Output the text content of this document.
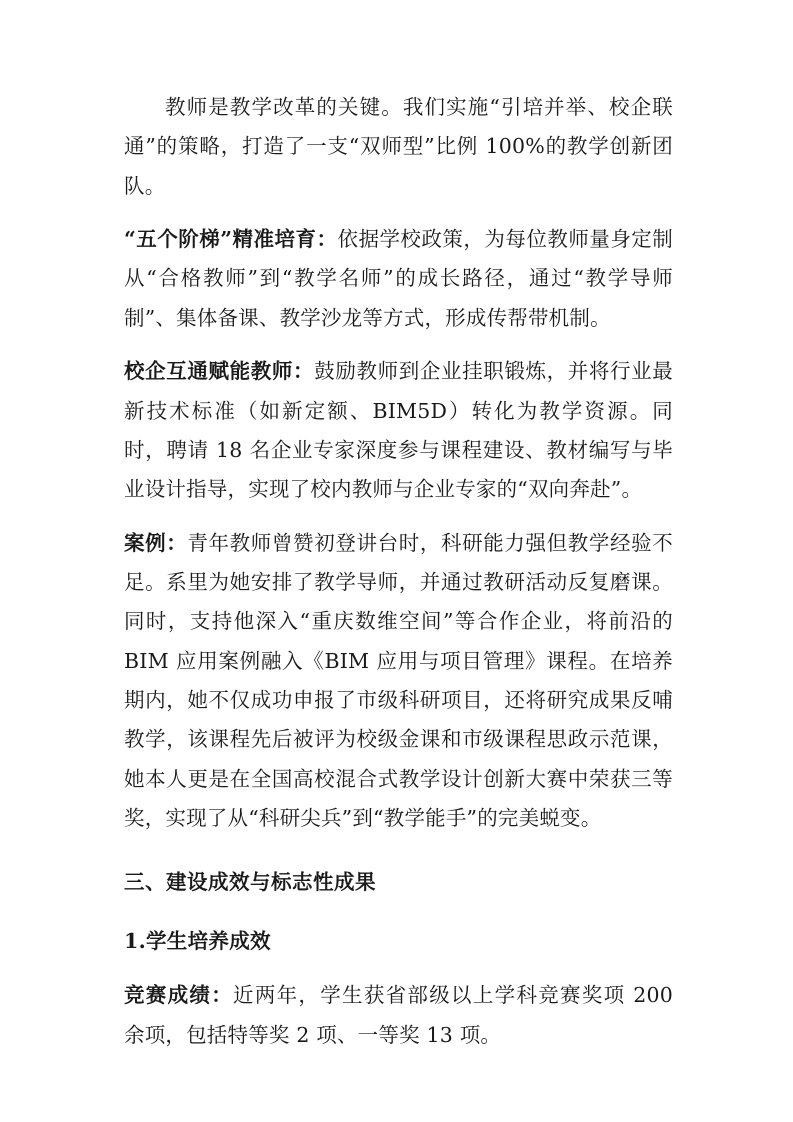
教师是教学改革的关键。我们实施“引培并举、校企联通”的策略，打造了一支“双师型”比例 100%的教学创新团队。

“五个阶梯”精准培育：依据学校政策，为每位教师量身定制从“合格教师”到“教学名师”的成长路径，通过“教学导师制”、集体备课、教学沙龙等方式，形成传帮带机制。

校企互通赋能教师：鼓励教师到企业挂职锻炼，并将行业最新技术标准（如新定额、BIM5D）转化为教学资源。同时，聘请 18 名企业专家深度参与课程建设、教材编写与毕业设计指导，实现了校内教师与企业专家的“双向奔赴”。

案例：青年教师曾赞初登讲台时，科研能力强但教学经验不足。系里为她安排了教学导师，并通过教研活动反复磨课。同时，支持他深入“重庆数维空间”等合作企业，将前沿的 BIM 应用案例融入《BIM 应用与项目管理》课程。在培养期内，她不仅成功申报了市级科研项目，还将研究成果反哺教学，该课程先后被评为校级金课和市级课程思政示范课，她本人更是在全国高校混合式教学设计创新大赛中荣获三等奖，实现了从“科研尖兵”到“教学能手”的完美蜕变。

三、建设成效与标志性成果
1.学生培养成效

竞赛成绩：近两年，学生获省部级以上学科竞赛奖项 200 余项，包括特等奖 2 项、一等奖 13 项。
